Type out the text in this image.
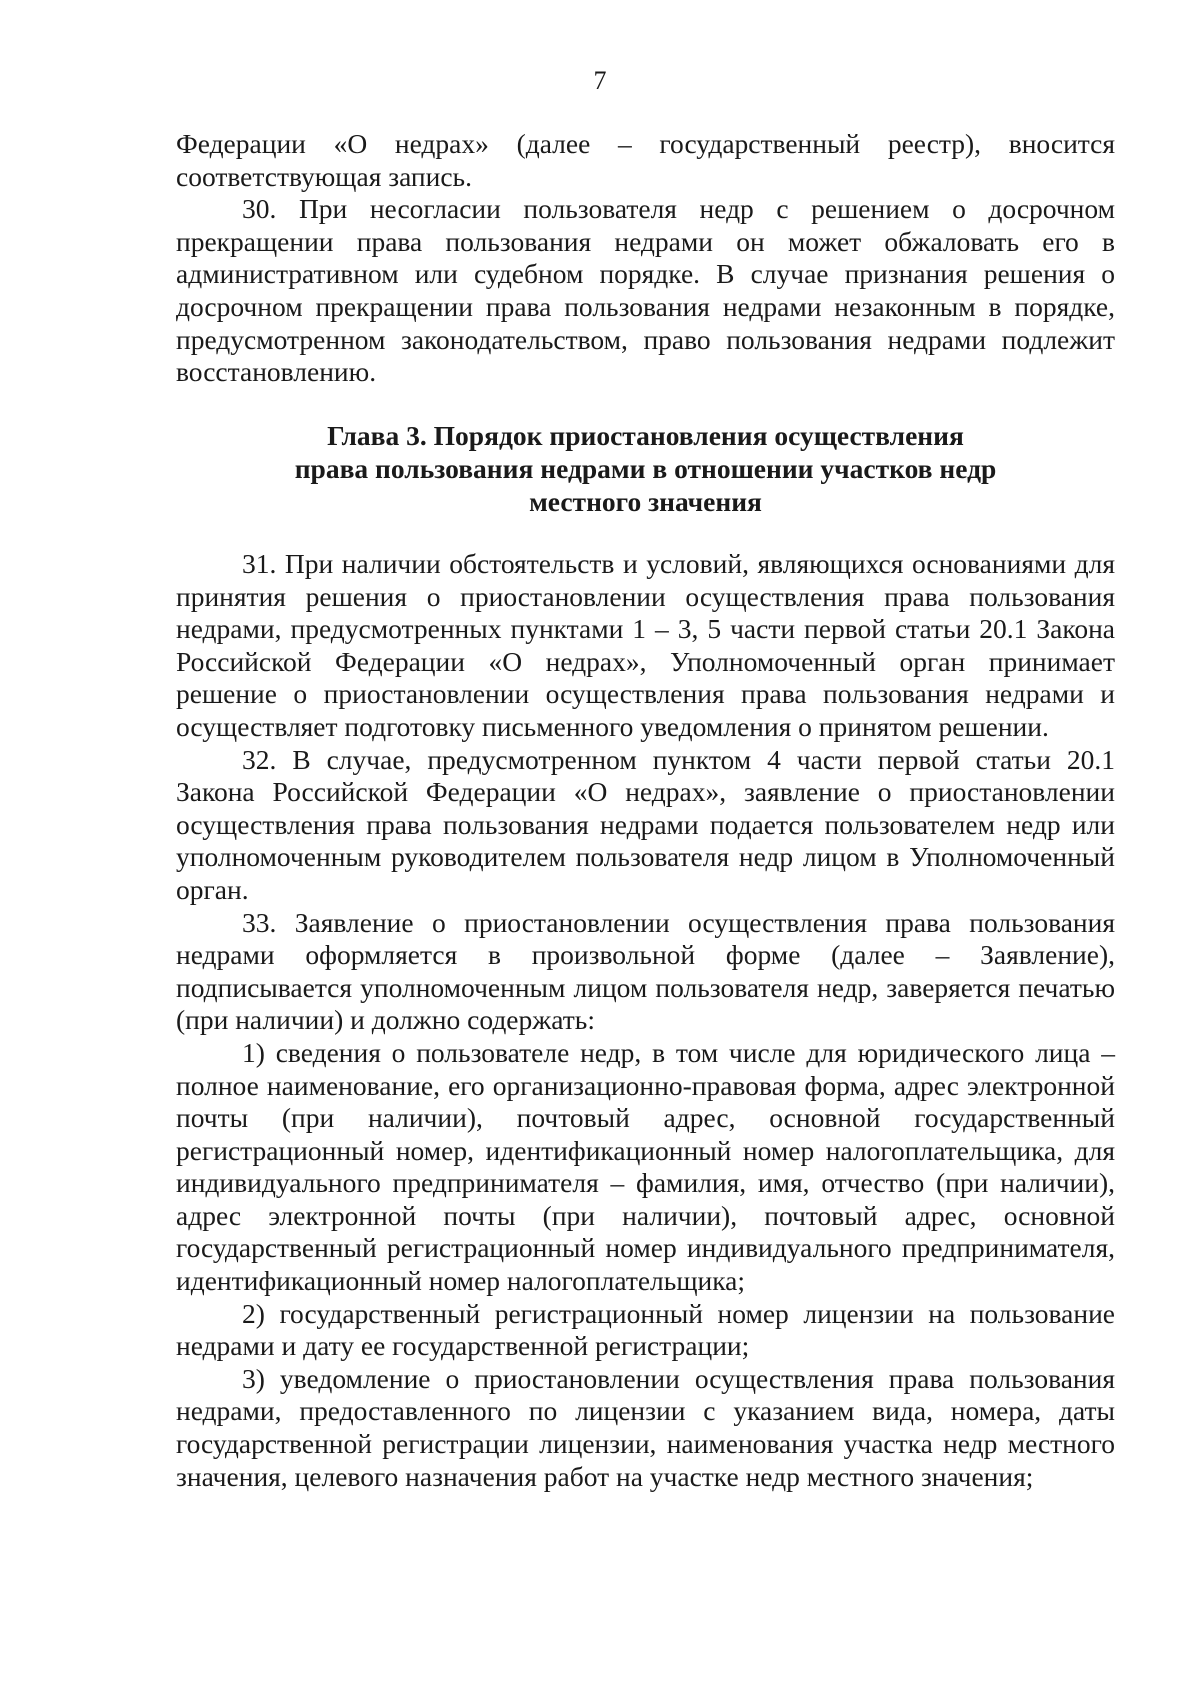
7

Федерации «О недрах» (далее – государственный реестр), вносится соответствующая запись.

30. При несогласии пользователя недр с решением о досрочном прекращении права пользования недрами он может обжаловать его в административном или судебном порядке. В случае признания решения о досрочном прекращении права пользования недрами незаконным в порядке, предусмотренном законодательством, право пользования недрами подлежит восстановлению.

Глава 3. Порядок приостановления осуществления
права пользования недрами в отношении участков недр
местного значения

31. При наличии обстоятельств и условий, являющихся основаниями для принятия решения о приостановлении осуществления права пользования недрами, предусмотренных пунктами 1 – 3, 5 части первой статьи 20.1 Закона Российской Федерации «О недрах», Уполномоченный орган принимает решение о приостановлении осуществления права пользования недрами и осуществляет подготовку письменного уведомления о принятом решении.

32. В случае, предусмотренном пунктом 4 части первой статьи 20.1 Закона Российской Федерации «О недрах», заявление о приостановлении осуществления права пользования недрами подается пользователем недр или уполномоченным руководителем пользователя недр лицом в Уполномоченный орган.

33. Заявление о приостановлении осуществления права пользования недрами оформляется в произвольной форме (далее – Заявление), подписывается уполномоченным лицом пользователя недр, заверяется печатью (при наличии) и должно содержать:

1) сведения о пользователе недр, в том числе для юридического лица – полное наименование, его организационно-правовая форма, адрес электронной почты (при наличии), почтовый адрес, основной государственный регистрационный номер, идентификационный номер налогоплательщика, для индивидуального предпринимателя – фамилия, имя, отчество (при наличии), адрес электронной почты (при наличии), почтовый адрес, основной государственный регистрационный номер индивидуального предпринимателя, идентификационный номер налогоплательщика;

2) государственный регистрационный номер лицензии на пользование недрами и дату ее государственной регистрации;

3) уведомление о приостановлении осуществления права пользования недрами, предоставленного по лицензии с указанием вида, номера, даты государственной регистрации лицензии, наименования участка недр местного значения, целевого назначения работ на участке недр местного значения;
